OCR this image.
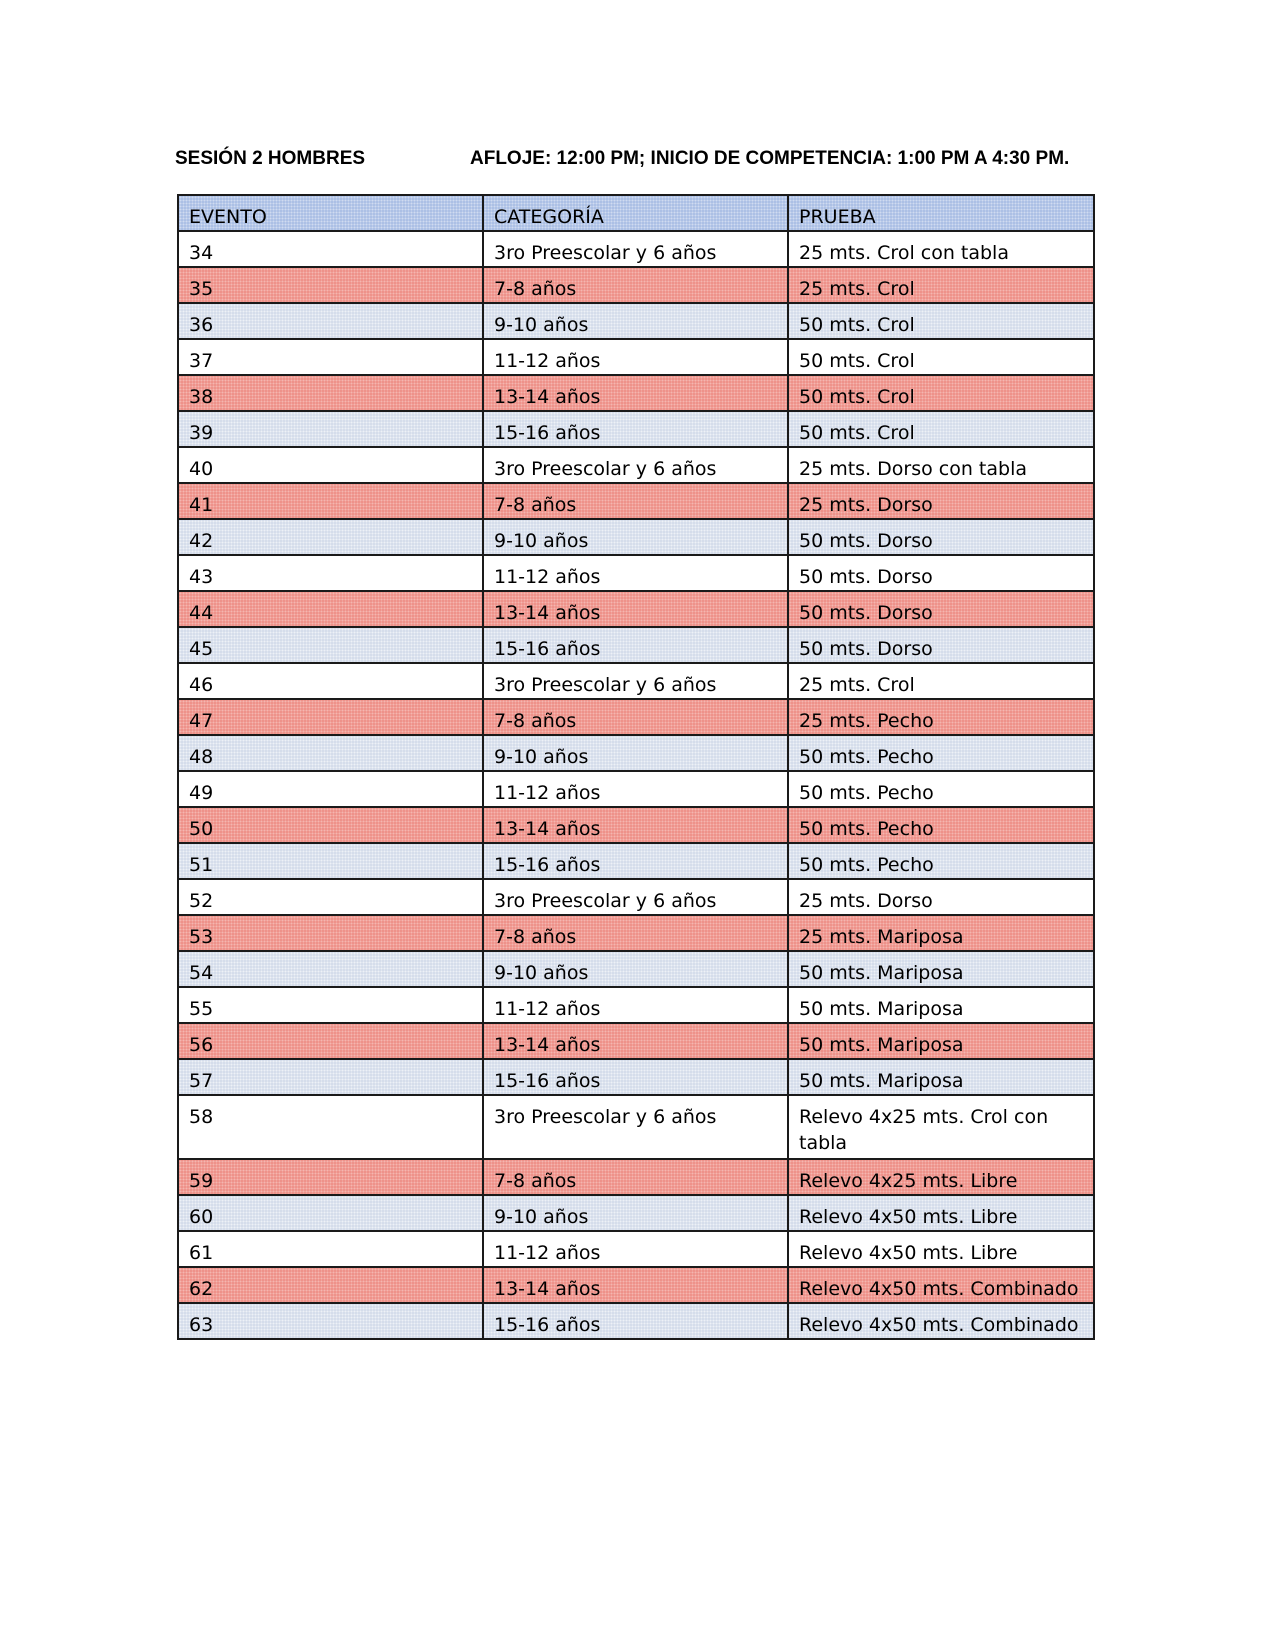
SESIÓN 2 HOMBRES	AFLOJE: 12:00 PM; INICIO DE COMPETENCIA: 1:00 PM A 4:30 PM.
EVENTO	CATEGORÍA	PRUEBA
34	3ro Preescolar y 6 años	25 mts. Crol con tabla
35	7-8 años	25 mts. Crol
36	9-10 años	50 mts. Crol
37	11-12 años	50 mts. Crol
38	13-14 años	50 mts. Crol
39	15-16 años	50 mts. Crol
40	3ro Preescolar y 6 años	25 mts. Dorso con tabla
41	7-8 años	25 mts. Dorso
42	9-10 años	50 mts. Dorso
43	11-12 años	50 mts. Dorso
44	13-14 años	50 mts. Dorso
45	15-16 años	50 mts. Dorso
46	3ro Preescolar y 6 años	25 mts. Crol
47	7-8 años	25 mts. Pecho
48	9-10 años	50 mts. Pecho
49	11-12 años	50 mts. Pecho
50	13-14 años	50 mts. Pecho
51	15-16 años	50 mts. Pecho
52	3ro Preescolar y 6 años	25 mts. Dorso
53	7-8 años	25 mts. Mariposa
54	9-10 años	50 mts. Mariposa
55	11-12 años	50 mts. Mariposa
56	13-14 años	50 mts. Mariposa
57	15-16 años	50 mts. Mariposa
58	3ro Preescolar y 6 años	Relevo 4x25 mts. Crol con tabla
59	7-8 años	Relevo 4x25 mts. Libre
60	9-10 años	Relevo 4x50 mts. Libre
61	11-12 años	Relevo 4x50 mts. Libre
62	13-14 años	Relevo 4x50 mts. Combinado
63	15-16 años	Relevo 4x50 mts. Combinado
